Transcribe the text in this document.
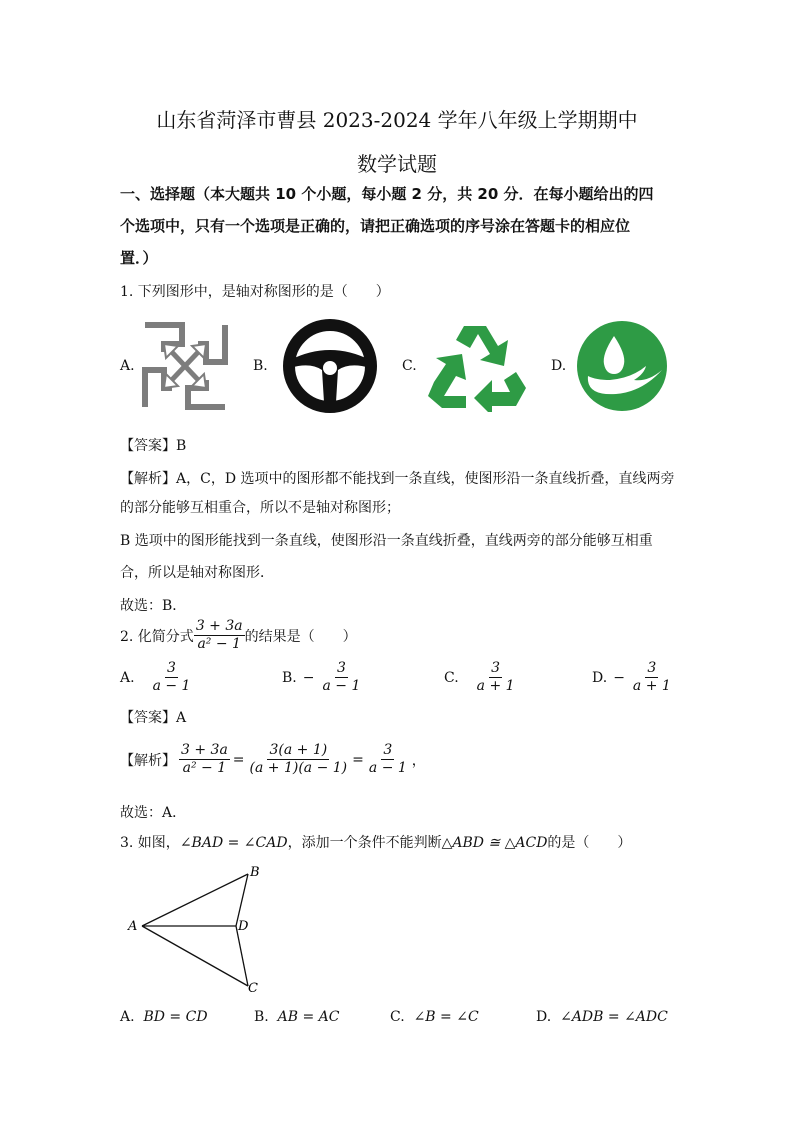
山东省菏泽市曹县 2023-2024 学年八年级上学期期中
数学试题
一、选择题（本大题共 10 个小题，每小题 2 分，共 20 分．在每小题给出的四
个选项中，只有一个选项是正确的，请把正确选项的序号涂在答题卡的相应位
置．）
1. 下列图形中，是轴对称图形的是（　　）
A.	B.	C.	D.
【答案】B
【解析】A，C，D 选项中的图形都不能找到一条直线，使图形沿一条直线折叠，直线两旁
的部分能够互相重合，所以不是轴对称图形；
B 选项中的图形能找到一条直线，使图形沿一条直线折叠，直线两旁的部分能够互相重
合，所以是轴对称图形．
故选：B．
2. 化简分式 $\frac{3 + 3a}{\text{a² − 1}}$ 的结果是（　　）
A. $\frac{3}{a - 1}$	B. − $\frac{3}{a - 1}$	C. $\frac{3}{a + 1}$	D. − $\frac{3}{a + 1}$
【答案】A
【解析】 $\frac{3 + 3a}{\text{a² − 1}} = \frac{3(a + 1)}{(a + 1)(a - 1)} = \frac{3}{a - 1}$ ，
故选：A．
3. 如图，∠BAD = ∠CAD，添加一个条件不能判断△ABD ≅ △ACD的是（　　）
A
B
D
C
A. BD = CD	B. AB = AC	C. ∠B = ∠C	D. ∠ADB = ∠ADC
